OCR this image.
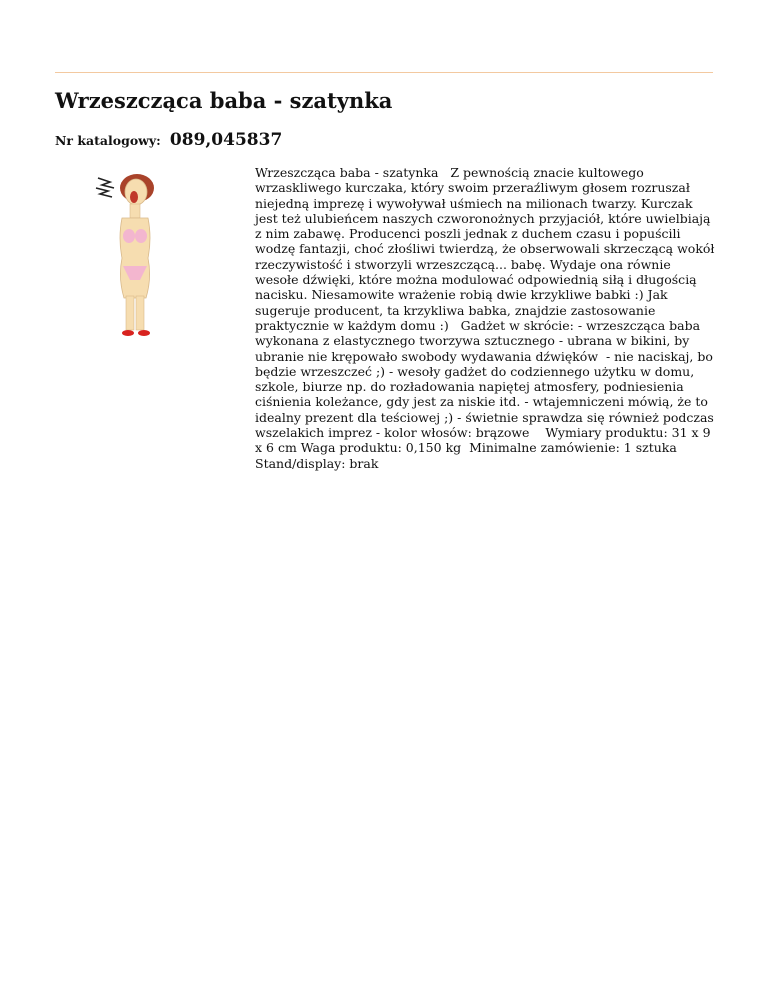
Wrzeszcząca baba - szatynka
Nr katalogowy: 089,045837

Wrzeszcząca baba - szatynka   Z pewnością znacie kultowego wrzaskliwego kurczaka, który swoim przeraźliwym głosem rozruszał niejedną imprezę i wywoływał uśmiech na milionach twarzy. Kurczak jest też ulubieńcem naszych czworonożnych przyjaciół, które uwielbiają z nim zabawę. Producenci poszli jednak z duchem czasu i popuścili wodzę fantazji, choć złośliwi twierdzą, że obserwowali skrzeczącą wokół rzeczywistość i stworzyli wrzeszczącą... babę. Wydaje ona równie wesołe dźwięki, które można modulować odpowiednią siłą i długością nacisku. Niesamowite wrażenie robią dwie krzykliwe babki :) Jak sugeruje producent, ta krzykliwa babka, znajdzie zastosowanie praktycznie w każdym domu :)   Gadżet w skrócie: - wrzeszcząca baba wykonana z elastycznego tworzywa sztucznego - ubrana w bikini, by ubranie nie krępowało swobody wydawania dźwięków  - nie naciskaj, bo będzie wrzeszczeć ;) - wesoły gadżet do codziennego użytku w domu, szkole, biurze np. do rozładowania napiętej atmosfery, podniesienia ciśnienia koleżance, gdy jest za niskie itd. - wtajemniczeni mówią, że to idealny prezent dla teściowej ;) - świetnie sprawdza się również podczas wszelakich imprez - kolor włosów: brązowe    Wymiary produktu: 31 x 9 x 6 cm Waga produktu: 0,150 kg  Minimalne zamówienie: 1 sztuka Stand/display: brak
